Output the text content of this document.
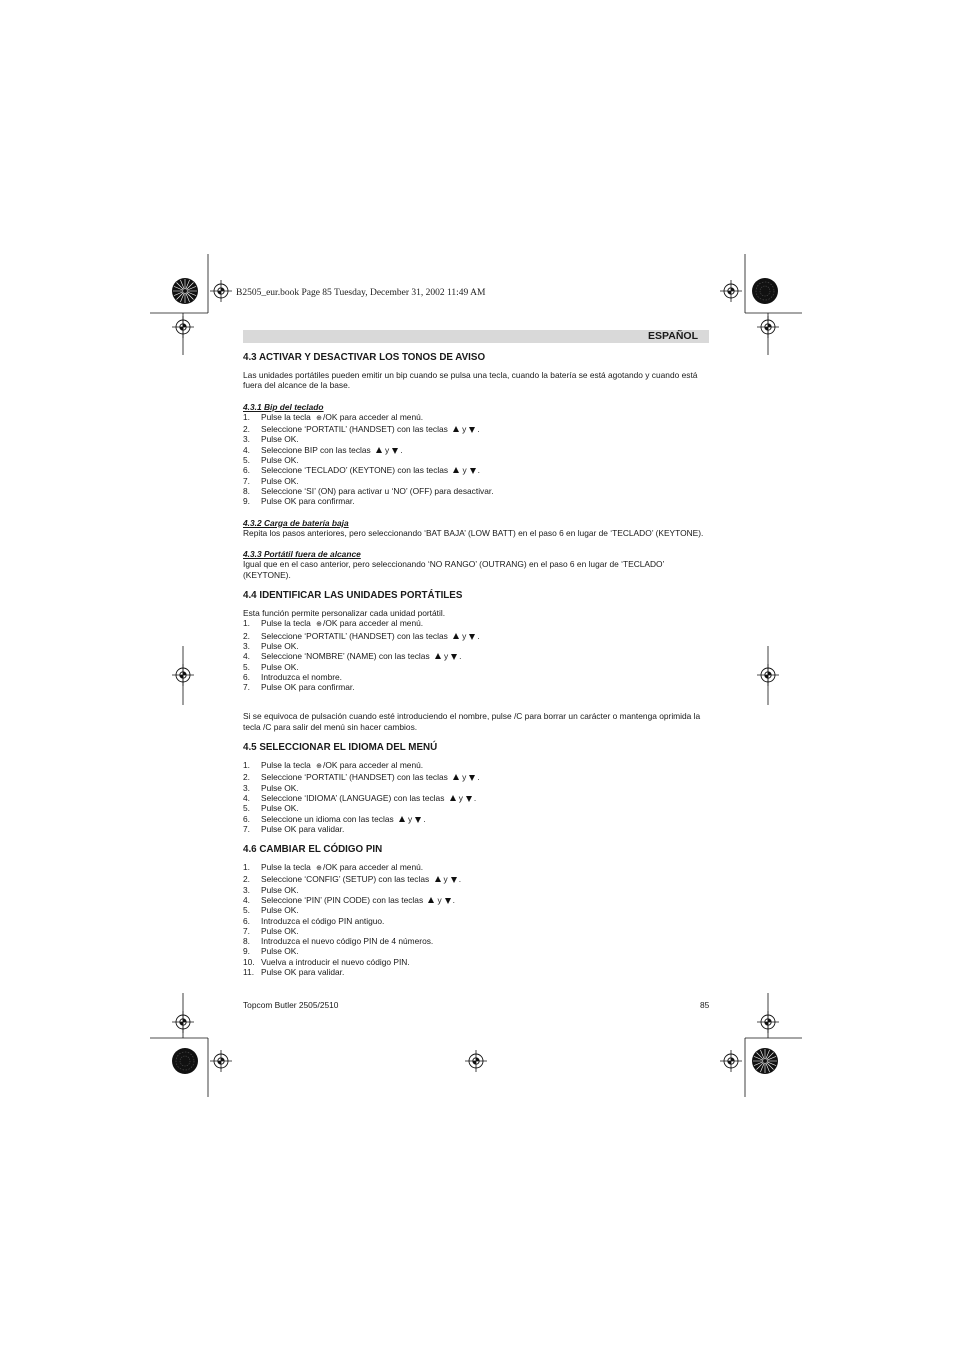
B2505_eur.book Page 85 Tuesday, December 31, 2002 11:49 AM
ESPAÑOL
4.3 ACTIVAR Y DESACTIVAR LOS TONOS DE AVISO

Las unidades portátiles pueden emitir un bip cuando se pulsa una tecla, cuando la batería se está agotando y cuando está fuera del alcance de la base.

4.3.1 Bip del teclado
1. Pulse la tecla ⊕/OK para acceder al menú.
2. Seleccione ‘PORTATIL’ (HANDSET) con las teclas y .
3. Pulse OK.
4. Seleccione BIP con las teclas y .
5. Pulse OK.
6. Seleccione ‘TECLADO’ (KEYTONE) con las teclas y .
7. Pulse OK.
8. Seleccione ‘SI’ (ON) para activar u ‘NO’ (OFF) para desactivar.
9. Pulse OK para confirmar.
4.3.2 Carga de batería baja

Repita los pasos anteriores, pero seleccionando ‘BAT BAJA’ (LOW BATT) en el paso 6 en lugar de ‘TECLADO’ (KEYTONE).

4.3.3 Portátil fuera de alcance

Igual que en el caso anterior, pero seleccionando ‘NO RANGO’ (OUTRANG) en el paso 6 en lugar de ‘TECLADO’ (KEYTONE).

4.4 IDENTIFICAR LAS UNIDADES PORTÁTILES

Esta función permite personalizar cada unidad portátil.

1. Pulse la tecla ⊕/OK para acceder al menú.
2. Seleccione ‘PORTATIL’ (HANDSET) con las teclas y .
3. Pulse OK.
4. Seleccione ‘NOMBRE’ (NAME) con las teclas y .
5. Pulse OK.
6. Introduzca el nombre.
7. Pulse OK para confirmar.

Si se equivoca de pulsación cuando esté introduciendo el nombre, pulse /C para borrar un carácter o mantenga oprimida la tecla /C para salir del menú sin hacer cambios.

4.5 SELECCIONAR EL IDIOMA DEL MENÚ
1. Pulse la tecla ⊕/OK para acceder al menú.
2. Seleccione ‘PORTATIL’ (HANDSET) con las teclas y .
3. Pulse OK.
4. Seleccione ‘IDIOMA’ (LANGUAGE) con las teclas y .
5. Pulse OK.
6. Seleccione un idioma con las teclas y .
7. Pulse OK para validar.
4.6 CAMBIAR EL CÓDIGO PIN
1. Pulse la tecla ⊕/OK para acceder al menú.
2. Seleccione ‘CONFIG’ (SETUP) con las teclas y .
3. Pulse OK.
4. Seleccione ‘PIN’ (PIN CODE) con las teclas y .
5. Pulse OK.
6. Introduzca el código PIN antiguo.
7. Pulse OK.
8. Introduzca el nuevo código PIN de 4 números.
9. Pulse OK.
10. Vuelva a introducir el nuevo código PIN.
11. Pulse OK para validar.
Topcom Butler 2505/2510	85
